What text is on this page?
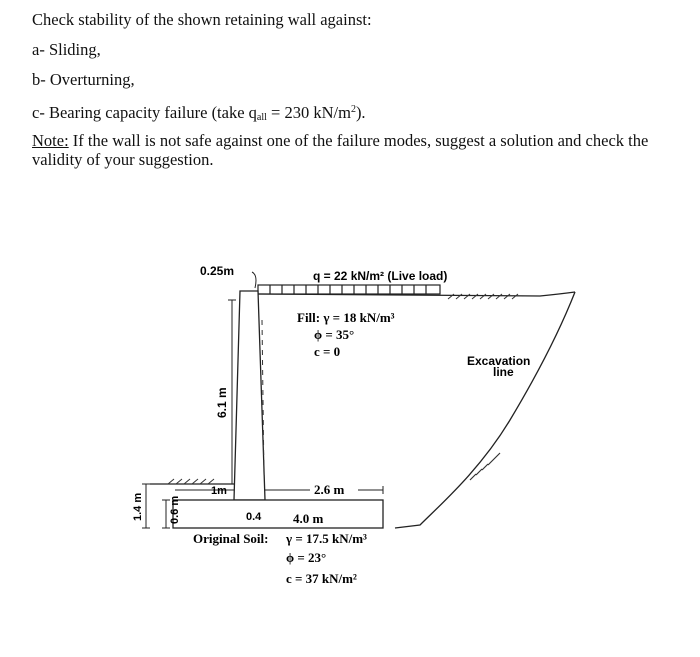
Check stability of the shown retaining wall against:
a- Sliding,
b- Overturning,
c- Bearing capacity failure (take $q_{all} = 230$ $kN/m^2$).
Note: If the wall is not safe against one of the failure modes, suggest a solution and check the
validity of your suggestion.
0.25m	q = 22 kN/m² (Live load)
Fill: γ = 18 kN/m³
ϕ = 35°
c = 0
6.1 m
Excavation
line
1m	2.6 m
0.4 4.0 m
1.4 m 0.6 m
Original Soil: γ = 17.5 kN/m³
ϕ = 23°
c = 37 kN/m²
